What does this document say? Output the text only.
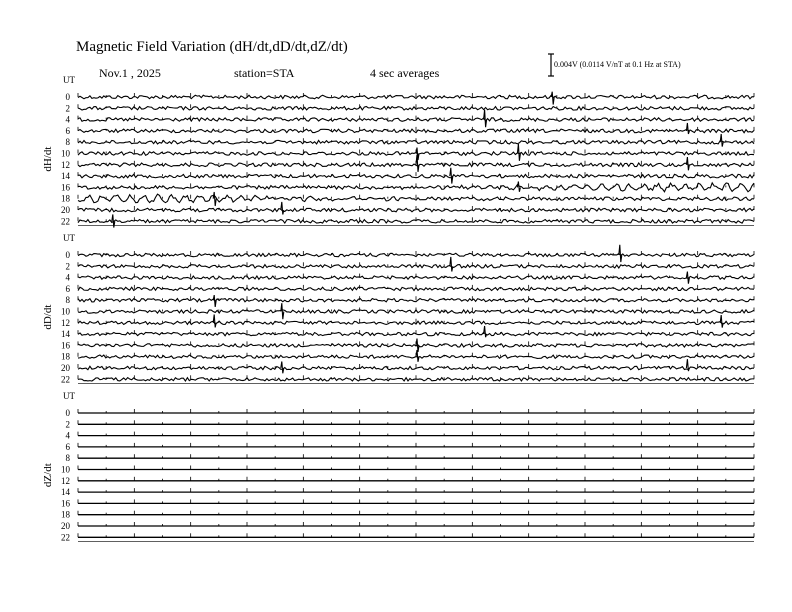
Magnetic Field Variation (dH/dt,dD/dt,dZ/dt)
Nov.1 , 2025	station=STA	4 sec averages
0.004V (0.0114 V/nT at 0.1 Hz at STA)
UT
dH/dt
0
2
4
6
8
10
12
14
16
18
20
22
UT
dD/dt
0
2
4
6
8
10
12
14
16
18
20
22
UT
dZ/dt
0
2
4
6
8
10
12
14
16
18
20
22
